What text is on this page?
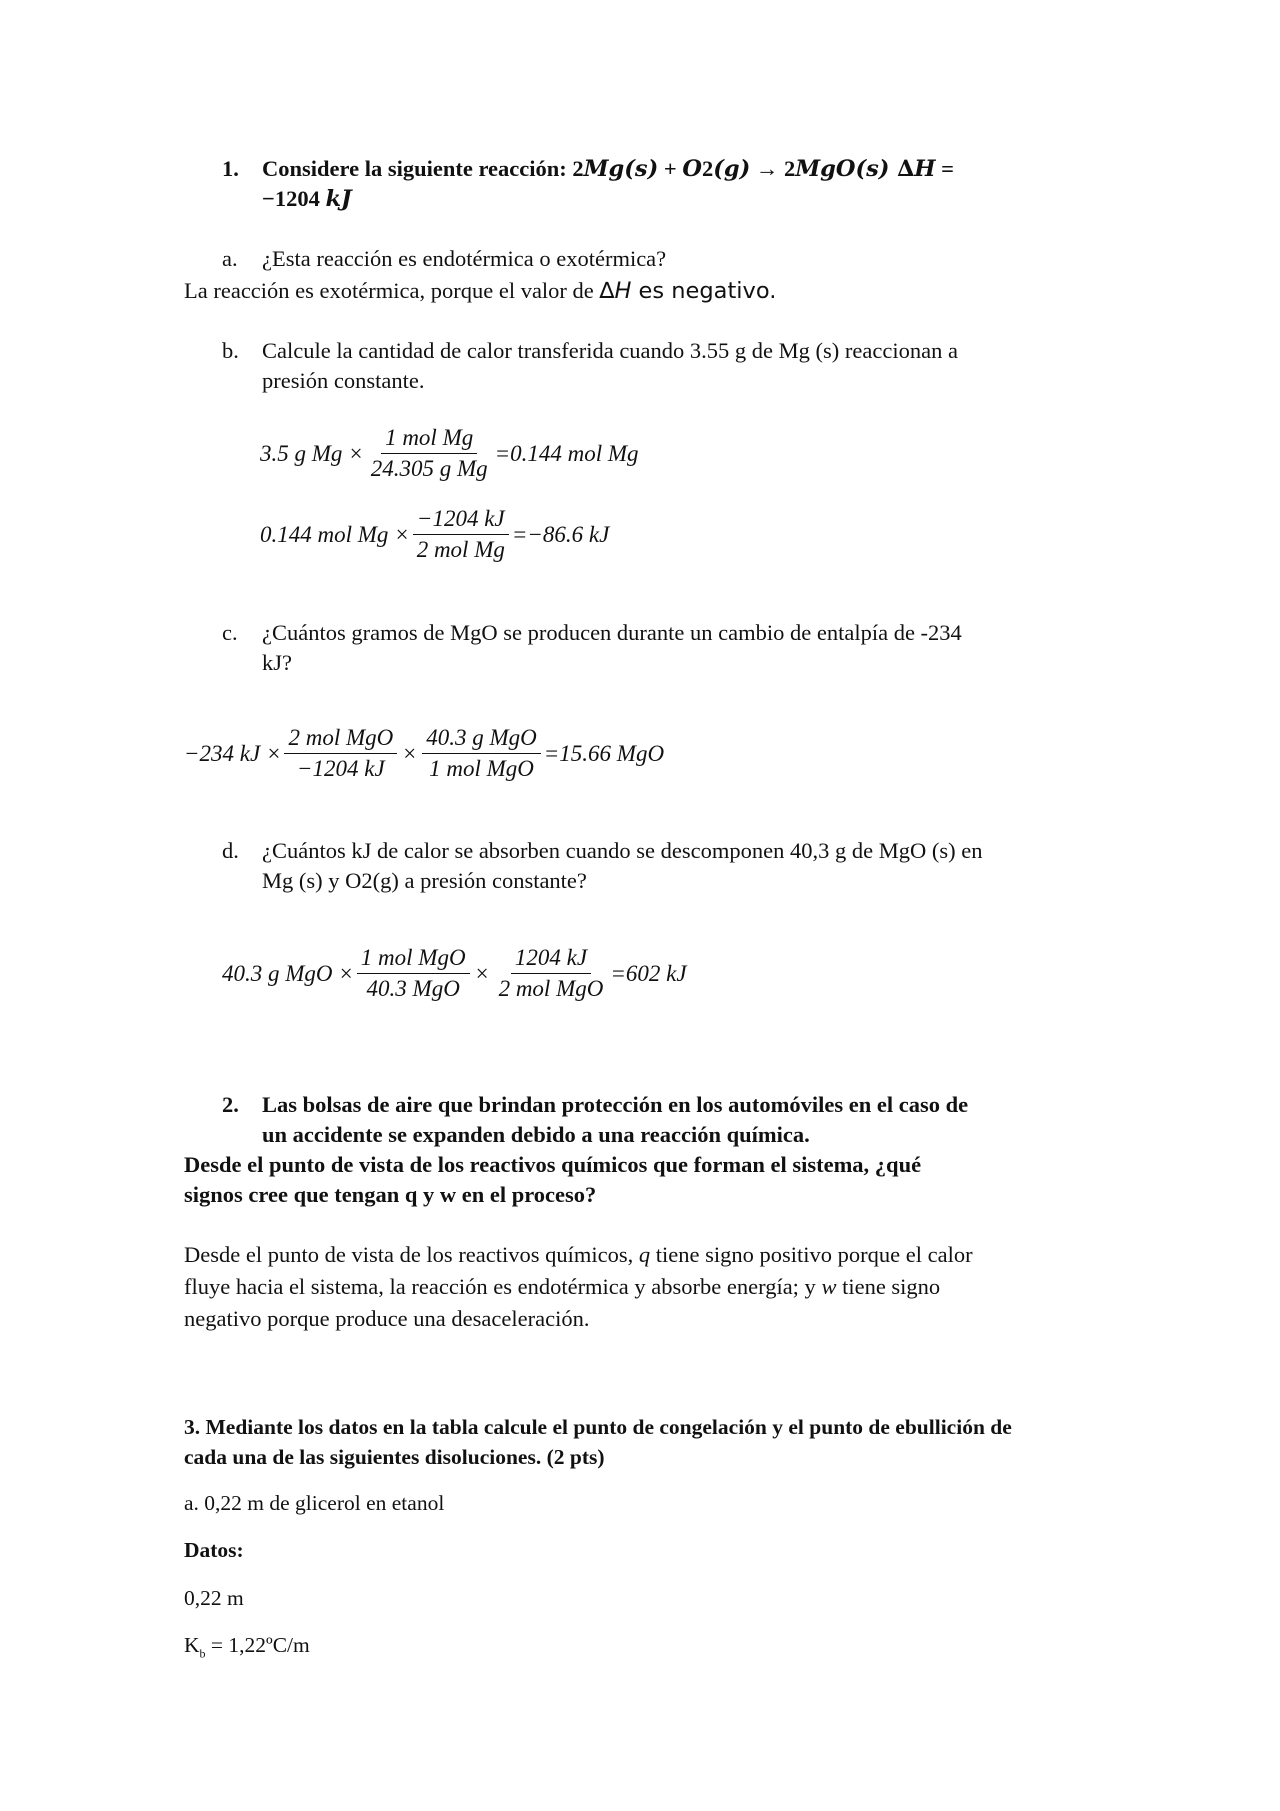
1. Considere la siguiente reacción: 2Mg(s) + O2(g) → 2MgO(s) ∆H =
−1204 kJ
a. ¿Esta reacción es endotérmica o exotérmica?
La reacción es exotérmica, porque el valor de ∆H es negativo.
b. Calcule la cantidad de calor transferida cuando 3.55 g de Mg (s) reaccionan a
presión constante.
3.5 g $Mg \times \frac{\text{1 mol Mg}}{\text{24.305 g Mg}} =0.144$ mol Mg
0.144 mol $Mg \times \frac{-1204 kJ}{\text{2 mol Mg}} =-86.6$ kJ
c. ¿Cuántos gramos de MgO se producen durante un cambio de entalpía de -234
kJ?
−234 kJ × $\frac{\text{2 mol MgO}}{-1204 kJ} \times \frac{\text{40.3 g MgO}}{\text{1 mol MgO}} =15.66$ MgO
d. ¿Cuántos kJ de calor se absorben cuando se descomponen 40,3 g de MgO (s) en
Mg (s) y O2(g) a presión constante?
40.3 g MgO × $\frac{\text{1 mol MgO}}{\text{40.3 MgO}} \times \frac{1204 kJ}{\text{2 mol MgO}} =602$ kJ
2. Las bolsas de aire que brindan protección en los automóviles en el caso de
un accidente se expanden debido a una reacción química.
Desde el punto de vista de los reactivos químicos que forman el sistema, ¿qué
signos cree que tengan q y w en el proceso?
Desde el punto de vista de los reactivos químicos, q tiene signo positivo porque el calor
fluye hacia el sistema, la reacción es endotérmica y absorbe energía; y w tiene signo
negativo porque produce una desaceleración.
3. Mediante los datos en la tabla calcule el punto de congelación y el punto de ebullición de
cada una de las siguientes disoluciones. (2 pts)
a. 0,22 m de glicerol en etanol
Datos:
0,22 m
$K_b$ = 1,22ºC/m
